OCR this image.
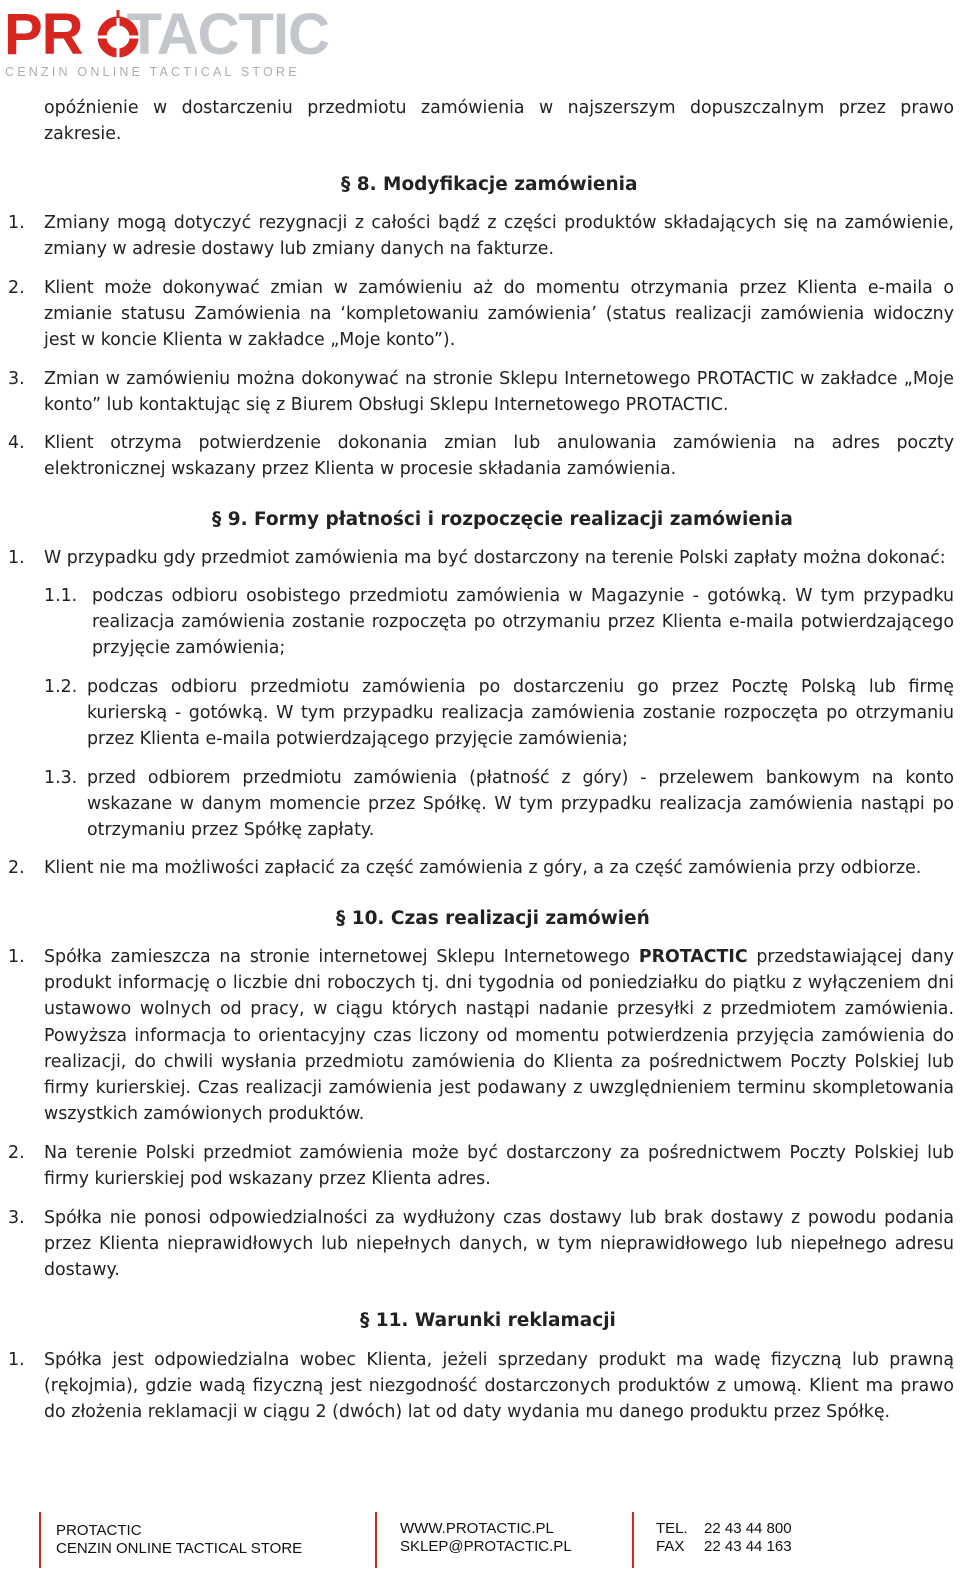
PR TACTIC
CENZIN ONLINE TACTICAL STORE
opóźnienie w dostarczeniu przedmiotu zamówienia w najszerszym dopuszczalnym przez prawo
zakresie.
§ 8. Modyfikacje zamówienia
1. Zmiany mogą dotyczyć rezygnacji z całości bądź z części produktów składających się na zamówienie, zmiany w adresie dostawy lub zmiany danych na fakturze.
2. Klient może dokonywać zmian w zamówieniu aż do momentu otrzymania przez Klienta e-maila o zmianie statusu Zamówienia na ‘kompletowaniu zamówienia’ (status realizacji zamówienia widoczny jest w koncie Klienta w zakładce „Moje konto”).
3. Zmian w zamówieniu można dokonywać na stronie Sklepu Internetowego PROTACTIC w zakładce „Moje konto” lub kontaktując się z Biurem Obsługi Sklepu Internetowego PROTACTIC.
4. Klient otrzyma potwierdzenie dokonania zmian lub anulowania zamówienia na adres poczty elektronicznej wskazany przez Klienta w procesie składania zamówienia.
§ 9. Formy płatności i rozpoczęcie realizacji zamówienia
1. W przypadku gdy przedmiot zamówienia ma być dostarczony na terenie Polski zapłaty można dokonać:
1.1. podczas odbioru osobistego przedmiotu zamówienia w Magazynie - gotówką. W tym przypadku realizacja zamówienia zostanie rozpoczęta po otrzymaniu przez Klienta e-maila potwierdzającego przyjęcie zamówienia;
1.2. podczas odbioru przedmiotu zamówienia po dostarczeniu go przez Pocztę Polską lub firmę kurierską - gotówką. W tym przypadku realizacja zamówienia zostanie rozpoczęta po otrzymaniu przez Klienta e-maila potwierdzającego przyjęcie zamówienia;
1.3. przed odbiorem przedmiotu zamówienia (płatność z góry) - przelewem bankowym na konto wskazane w danym momencie przez Spółkę. W tym przypadku realizacja zamówienia nastąpi po otrzymaniu przez Spółkę zapłaty.
2. Klient nie ma możliwości zapłacić za część zamówienia z góry, a za część zamówienia przy odbiorze.
§ 10. Czas realizacji zamówień
1. Spółka zamieszcza na stronie internetowej Sklepu Internetowego PROTACTIC przedstawiającej dany produkt informację o liczbie dni roboczych tj. dni tygodnia od poniedziałku do piątku z wyłączeniem dni ustawowo wolnych od pracy, w ciągu których nastąpi nadanie przesyłki z przedmiotem zamówienia. Powyższa informacja to orientacyjny czas liczony od momentu potwierdzenia przyjęcia zamówienia do realizacji, do chwili wysłania przedmiotu zamówienia do Klienta za pośrednictwem Poczty Polskiej lub firmy kurierskiej. Czas realizacji zamówienia jest podawany z uwzględnieniem terminu skompletowania wszystkich zamówionych produktów.
2. Na terenie Polski przedmiot zamówienia może być dostarczony za pośrednictwem Poczty Polskiej lub firmy kurierskiej pod wskazany przez Klienta adres.
3. Spółka nie ponosi odpowiedzialności za wydłużony czas dostawy lub brak dostawy z powodu podania przez Klienta nieprawidłowych lub niepełnych danych, w tym nieprawidłowego lub niepełnego adresu dostawy.
§ 11. Warunki reklamacji
1. Spółka jest odpowiedzialna wobec Klienta, jeżeli sprzedany produkt ma wadę fizyczną lub prawną (rękojmia), gdzie wadą fizyczną jest niezgodność dostarczonych produktów z umową. Klient ma prawo do złożenia reklamacji w ciągu 2 (dwóch) lat od daty wydania mu danego produktu przez Spółkę.
PROTACTIC
CENZIN ONLINE TACTICAL STORE
WWW.PROTACTIC.PL
SKLEP@PROTACTIC.PL
TEL. 22 43 44 800
FAX 22 43 44 163
